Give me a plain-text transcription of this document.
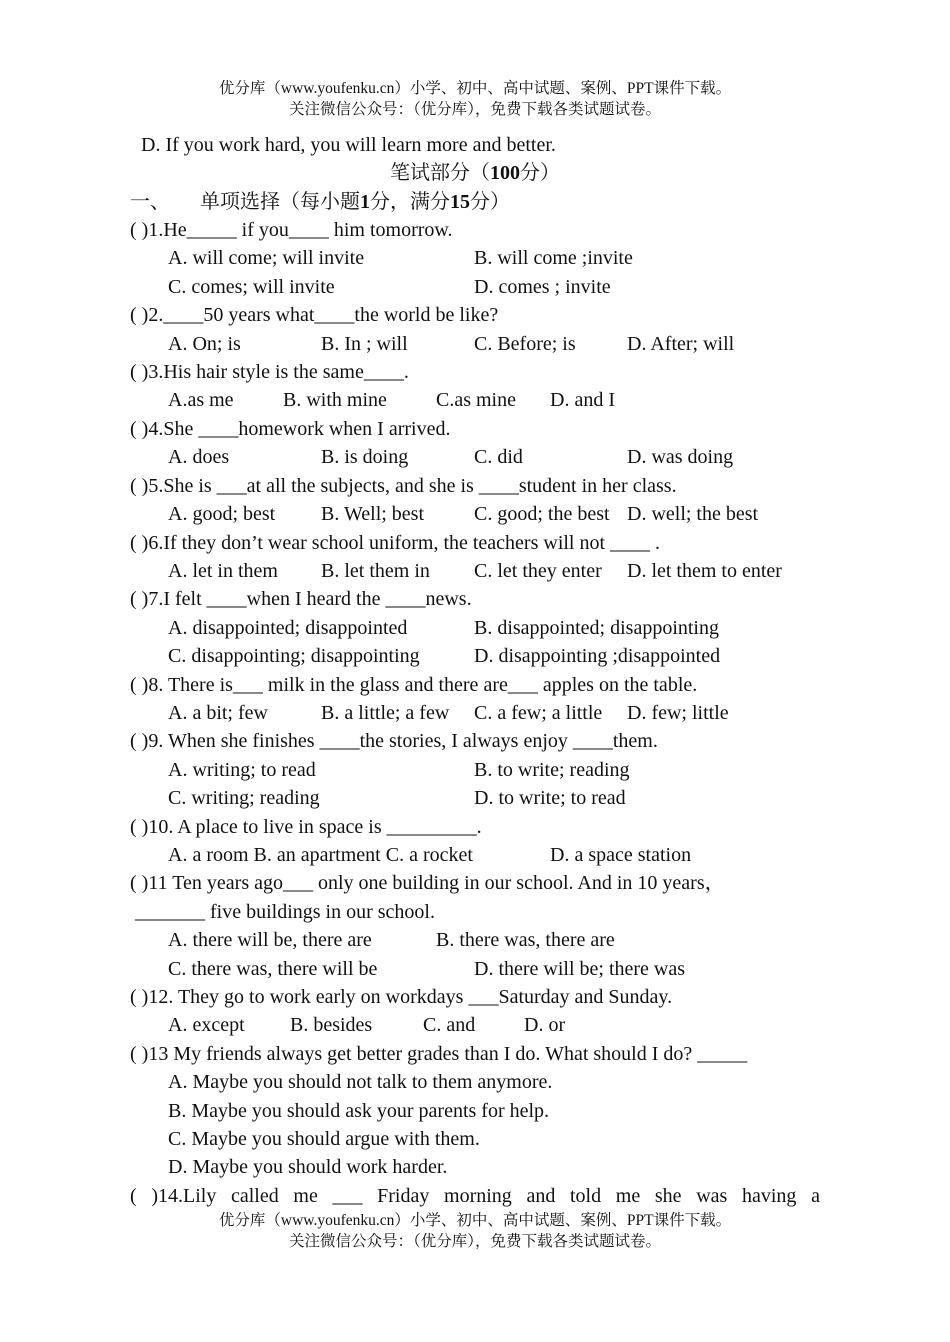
优分库（www.youfenku.cn）小学、初中、高中试题、案例、PPT课件下载。
关注微信公众号：（优分库），免费下载各类试题试卷。
D. If you work hard, you will learn more and better.
笔试部分（100分）
一、      单项选择（每小题1分，满分15分）
( )1.He_____ if you____ him tomorrow.
A. will come; will invite	B. will come ;invite
C. comes; will invite	D. comes ; invite
( )2.____50 years what____the world be like?
A. On; is	B. In ; will	C. Before; is	D. After; will
( )3.His hair style is the same____.
A.as me B. with mine C.as mine D. and I
( )4.She ____homework when I arrived.
A. does	B. is doing	C. did	D. was doing
( )5.She is ___at all the subjects, and she is ____student in her class.
A. good; best B. Well; best C. good; the best D. well; the best
( )6.If they don’t wear school uniform, the teachers will not ____ .
A. let in them B. let them in C. let they enter D. let them to enter
( )7.I felt ____when I heard the ____news.
A. disappointed; disappointed	B. disappointed; disappointing
C. disappointing; disappointing	D. disappointing ;disappointed
( )8. There is___ milk in the glass and there are___ apples on the table.
A. a bit; few	B. a little; a few C. a few; a little D. few; little
( )9. When she finishes ____the stories, I always enjoy ____them.
A. writing; to read	B. to write; reading
C. writing; reading	D. to write; to read
( )10. A place to live in space is _________.
A. a room B. an apartment C. a rocket	D. a space station
( )11 Ten years ago___ only one building in our school. And in 10 years，
_______ five buildings in our school.
A. there will be, there are	B. there was, there are
C. there was, there will be	D. there will be; there was
( )12. They go to work early on workdays ___Saturday and Sunday.
A. except B. besides	C. and D. or
( )13 My friends always get better grades than I do. What should I do? _____
A. Maybe you should not talk to them anymore.
B. Maybe you should ask your parents for help.
C. Maybe you should argue with them.
D. Maybe you should work harder.
( )14.Lily called me ___ Friday morning and told me she was having a
优分库（www.youfenku.cn）小学、初中、高中试题、案例、PPT课件下载。
关注微信公众号：（优分库），免费下载各类试题试卷。
